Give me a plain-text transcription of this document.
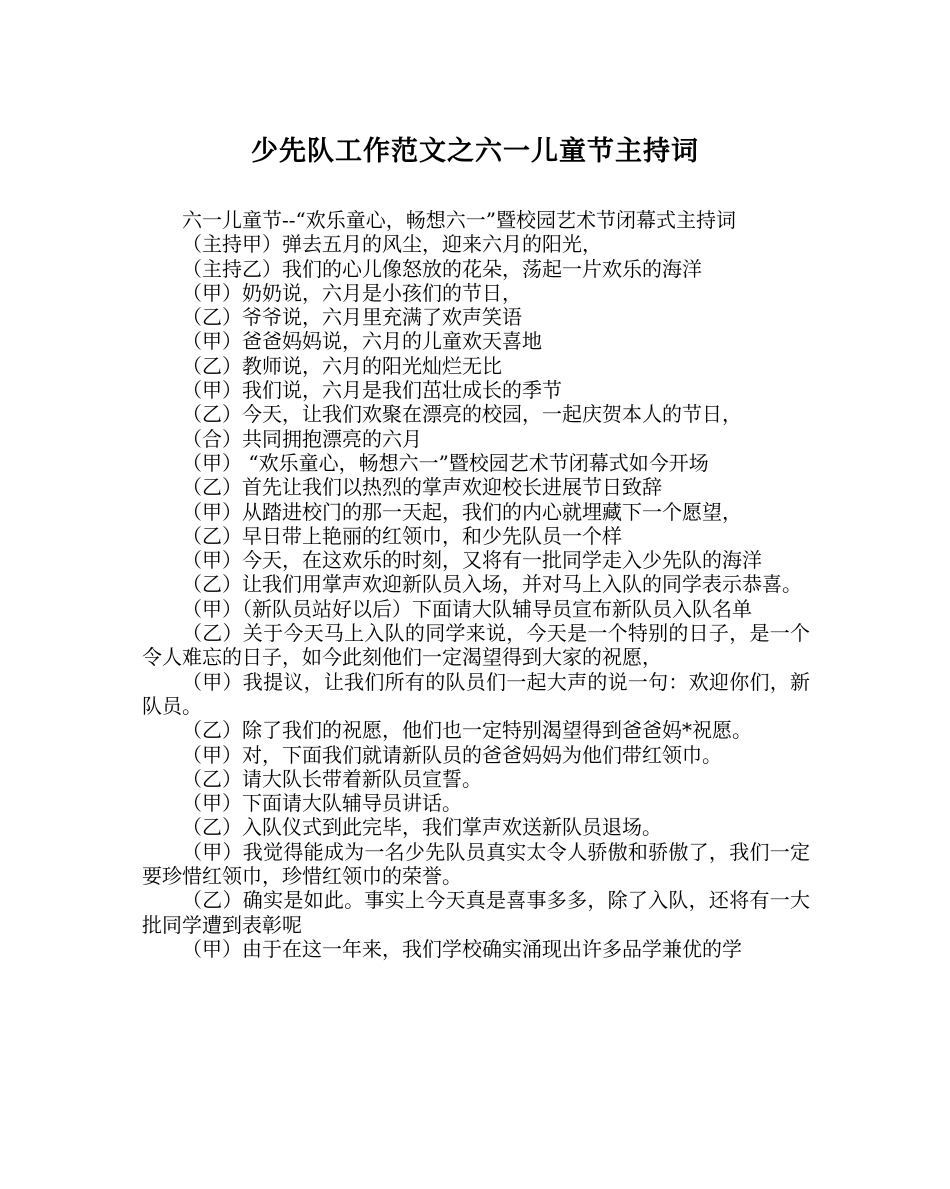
少先队工作范文之六一儿童节主持词

六一儿童节--“欢乐童心，畅想六一”暨校园艺术节闭幕式主持词

（主持甲）弹去五月的风尘，迎来六月的阳光，

（主持乙）我们的心儿像怒放的花朵，荡起一片欢乐的海洋

（甲）奶奶说，六月是小孩们的节日，

（乙）爷爷说，六月里充满了欢声笑语

（甲）爸爸妈妈说，六月的儿童欢天喜地

（乙）教师说，六月的阳光灿烂无比

（甲）我们说，六月是我们茁壮成长的季节

（乙）今天，让我们欢聚在漂亮的校园，一起庆贺本人的节日，

（合）共同拥抱漂亮的六月

（甲） “欢乐童心，畅想六一”暨校园艺术节闭幕式如今开场

（乙）首先让我们以热烈的掌声欢迎校长进展节日致辞

（甲）从踏进校门的那一天起，我们的内心就埋藏下一个愿望，

（乙）早日带上艳丽的红领巾，和少先队员一个样

（甲）今天，在这欢乐的时刻，又将有一批同学走入少先队的海洋

（乙）让我们用掌声欢迎新队员入场，并对马上入队的同学表示恭喜。

（甲）（新队员站好以后）下面请大队辅导员宣布新队员入队名单

（乙）关于今天马上入队的同学来说，今天是一个特别的日子，是一个令人难忘的日子，如今此刻他们一定渴望得到大家的祝愿，

（甲）我提议，让我们所有的队员们一起大声的说一句：欢迎你们，新队员。

（乙）除了我们的祝愿，他们也一定特别渴望得到爸爸妈*祝愿。

（甲）对，下面我们就请新队员的爸爸妈妈为他们带红领巾。

（乙）请大队长带着新队员宣誓。

（甲）下面请大队辅导员讲话。

（乙）入队仪式到此完毕，我们掌声欢送新队员退场。

（甲）我觉得能成为一名少先队员真实太令人骄傲和骄傲了，我们一定要珍惜红领巾，珍惜红领巾的荣誉。

（乙）确实是如此。事实上今天真是喜事多多，除了入队，还将有一大批同学遭到表彰呢

（甲）由于在这一年来，我们学校确实涌现出许多品学兼优的学
